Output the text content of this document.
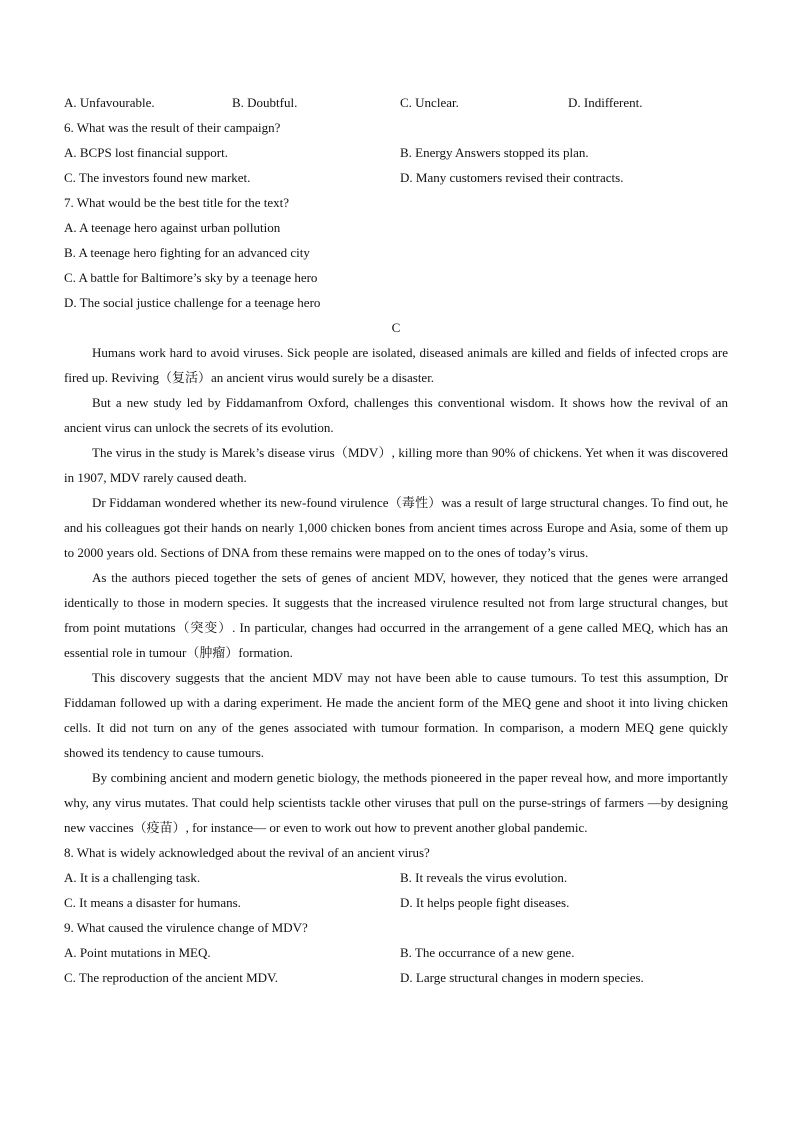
A. Unfavourable.	B. Doubtful.	C. Unclear.	D. Indifferent.
6. What was the result of their campaign?
A. BCPS lost financial support.	B. Energy Answers stopped its plan.
C. The investors found new market.	D. Many customers revised their contracts.
7. What would be the best title for the text?
A. A teenage hero against urban pollution
B. A teenage hero fighting for an advanced city
C. A battle for Baltimore’s sky by a teenage hero
D. The social justice challenge for a teenage hero
C

Humans work hard to avoid viruses. Sick people are isolated, diseased animals are killed and fields of infected crops are fired up. Reviving（复活）an ancient virus would surely be a disaster.

But a new study led by Fiddamanfrom Oxford, challenges this conventional wisdom. It shows how the revival of an ancient virus can unlock the secrets of its evolution.

The virus in the study is Marek’s disease virus（MDV）, killing more than 90% of chickens. Yet when it was discovered in 1907, MDV rarely caused death.

Dr Fiddaman wondered whether its new-found virulence（毒性）was a result of large structural changes. To find out, he and his colleagues got their hands on nearly 1,000 chicken bones from ancient times across Europe and Asia, some of them up to 2000 years old. Sections of DNA from these remains were mapped on to the ones of today’s virus.

As the authors pieced together the sets of genes of ancient MDV, however, they noticed that the genes were arranged identically to those in modern species. It suggests that the increased virulence resulted not from large structural changes, but from point mutations（突变）. In particular, changes had occurred in the arrangement of a gene called MEQ, which has an essential role in tumour（肿瘤）formation.

This discovery suggests that the ancient MDV may not have been able to cause tumours. To test this assumption, Dr Fiddaman followed up with a daring experiment. He made the ancient form of the MEQ gene and shoot it into living chicken cells. It did not turn on any of the genes associated with tumour formation. In comparison, a modern MEQ gene quickly showed its tendency to cause tumours.

By combining ancient and modern genetic biology, the methods pioneered in the paper reveal how, and more importantly why, any virus mutates. That could help scientists tackle other viruses that pull on the purse-strings of farmers —by designing new vaccines（疫苗）, for instance— or even to work out how to prevent another global pandemic.

8. What is widely acknowledged about the revival of an ancient virus?
A. It is a challenging task.	B. It reveals the virus evolution.
C. It means a disaster for humans.	D. It helps people fight diseases.
9. What caused the virulence change of MDV?
A. Point mutations in MEQ.	B. The occurrance of a new gene.
C. The reproduction of the ancient MDV.	D. Large structural changes in modern species.
